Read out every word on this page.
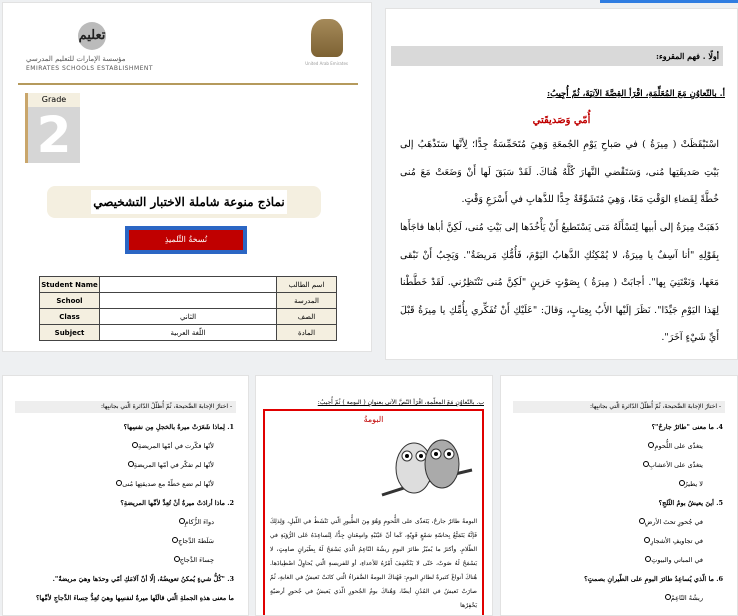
تعليم
مؤسسة الإمارات للتعليم المدرسي
EMIRATES SCHOOLS ESTABLISHMENT
United Arab Emirates
Grade
2
نماذج منوعة شاملة الاختبار التشخيصي
نُسخةُ التِّلميذِ
Student Name		اسم الطالب
School		المدرسة
Class	الثاني	الصف
Subject	اللّغة العربية	المادة
أولًا . فهم المقروء:
أ. بالتّعاوُنِ مَعَ المُعَلِّمَةِ، اقْرَأ القِصَّةَ الآتِيَةَ، ثُمّ أُجِيبُ:
أُمّي وَصَديقَتي
اسْتَيْقَظَتْ ( مِيرَةُ ) في صَباحِ يَوْمِ الجُمعَةِ وَهِيَ مُتَحَمِّسَةٌ جِدًّا؛ لِأنَّها سَتَذْهَبُ إلى بَيْتِ صَديقَتِها مُنى، وَسَتَقْضي النَّهارَ كُلَّهُ هُناكَ. لَقَدْ سَبَقَ لَها أَنْ وَضَعَتْ مَعَ مُنى خُطَّةً لِقَضاءِ الوَقْتِ مَعًا، وَهِيَ مُتَشَوِّقَةٌ جِدًّا للذَّهابِ في أَسْرَعِ وَقْتٍ.
ذَهَبَتْ مِيرَةُ إلى أبيها لِتَسْأَلَهُ مَتى يَسْتَطيعُ أَنْ يَأْخُذَها إلى بَيْتِ مُنى، لَكِنَّ أباها فاجَأَها بِقَوْلِهِ "أنا آسِفٌ يا مِيرَةُ، لا يُمْكِنُكِ الذَّهابُ اليَوْمَ، فَأُمُّكِ مَريضَةٌ". وَيَجِبُ أَنْ نَبْقى مَعَها، وَنَعْتَنِيَ بِها". أجابَتْ ( مِيرَةُ ) بِصَوْتٍ حَزينٍ "لَكِنَّ مُنى تَنْتَظِرُني. لَقَدْ خَطَّطْنا لِهَذا اليَوْمِ جَيِّدًا". نَظَرَ إلَيْها الأَبُ بِعِتابٍ، وَقالَ: "عَلَيْكِ أَنْ تُفَكِّري بِأُمِّكِ يا مِيرَةُ قَبْلَ أَيِّ شَيْءٍ آخَرَ".
- اختارُ الإجابةَ الصَّحيحةَ، ثُمّ أُظلّلُ الدّائرةَ الّتي بجانبِها:
1. لِماذا شَعَرَتْ ميرةُ بالخجلِ مِن نفسِها؟
لأنّها فكّرت في أمّها المريضةِ
لأنّها لم تفكّر في أمّها المريضةِ
لأنّها لم تضع خطّةً مع صديقتِها مُنى
2. ماذا أرادَتْ ميرةُ أنْ تُعِدَّ لأمِّها المريضةِ؟
دواءَ الزُّكامِ
سَلَطةَ الدَّجاجِ
حِساءَ الدَّجاجِ
3. "كُلُّ شيءٍ يُمكنُ تعويضُهُ، إلّا أنّ آلامَكِ أمّي وحدَها وهيَ مريضةٌ".
ما معنى هذهِ الجملةِ الّتي قالَتْها ميرةُ لنفسِها وهيَ تُعِدُّ حِساءَ الدَّجاجِ لأمِّها؟
ب. بالتّعاوُنِ مَعَ المعلّمةِ، اقْرَأ النّصَّ الآتي بعنوانِ ( البومة ) ثُمّ أُجيبُ:
البومةُ
البومةُ طائرٌ جارحٌ، يَتَغذّى على اللُّحومِ وَهُوَ مِنَ الطُّيورِ الّتي تَنْشَطُ في اللّيلِ، وَلِذلِكَ فَإنَّهُ يَتَمَتَّعُ بِحاسّةِ سَمْعٍ قَوِيّةٍ، كَما أنّ عَيْنَيْهِ واسِعَتانِ جِدًّا، لِتُساعِدَهُ عَلى الرُّؤيَةِ في الظّلامِ. وأكثرُ ما يُميّزُ طائرَ البومِ ريشُهُ النّاعِمُ الّذي يَسْمَحُ لَهُ بِطَيَرانٍ صامِتٍ، لا يَسْمَحُ لَهُ صَوتٌ، حَتّى لا يَنْكَشِفَ أَمْرُهُ للأعداءِ، أو للفريسةِ الّتي يُحاوِلُ اصْطِيادَها. هُناكَ أنواعٌ كثيرةٌ لطائرِ البومِ: فَهُناكَ البومةُ الصَّفراءُ الّتي كانَتْ تَعيشُ في الغابةِ، ثُمّ صارَتْ تَعيشُ في المُدُنِ أيضًا، وَهُناكَ بومُ الجُحورِ الّذي يَعيشُ في جُحورٍ أرضيّةٍ يَحْفِرُها
- اختارُ الإجابةَ الصَّحيحةَ، ثُمّ أُظلّلُ الدّائرةَ الّتي بجانبِها:
4. ما معنى "طائرٌ جارحٌ"؟
يتغذّى على اللُّحومِ
يتغذّى على الأعشابِ
لا يطيرُ
5. أينَ يعيشُ بومُ الثّلجِ؟
في جُحورٍ تحتَ الأرضِ
في تجاويفِ الأشجارِ
في المباني والبيوتِ
6. ما الّذي يُساعِدُ طائرَ البومِ على الطّيرانِ بصمتٍ؟
ريشُهُ النّاعِمُ
